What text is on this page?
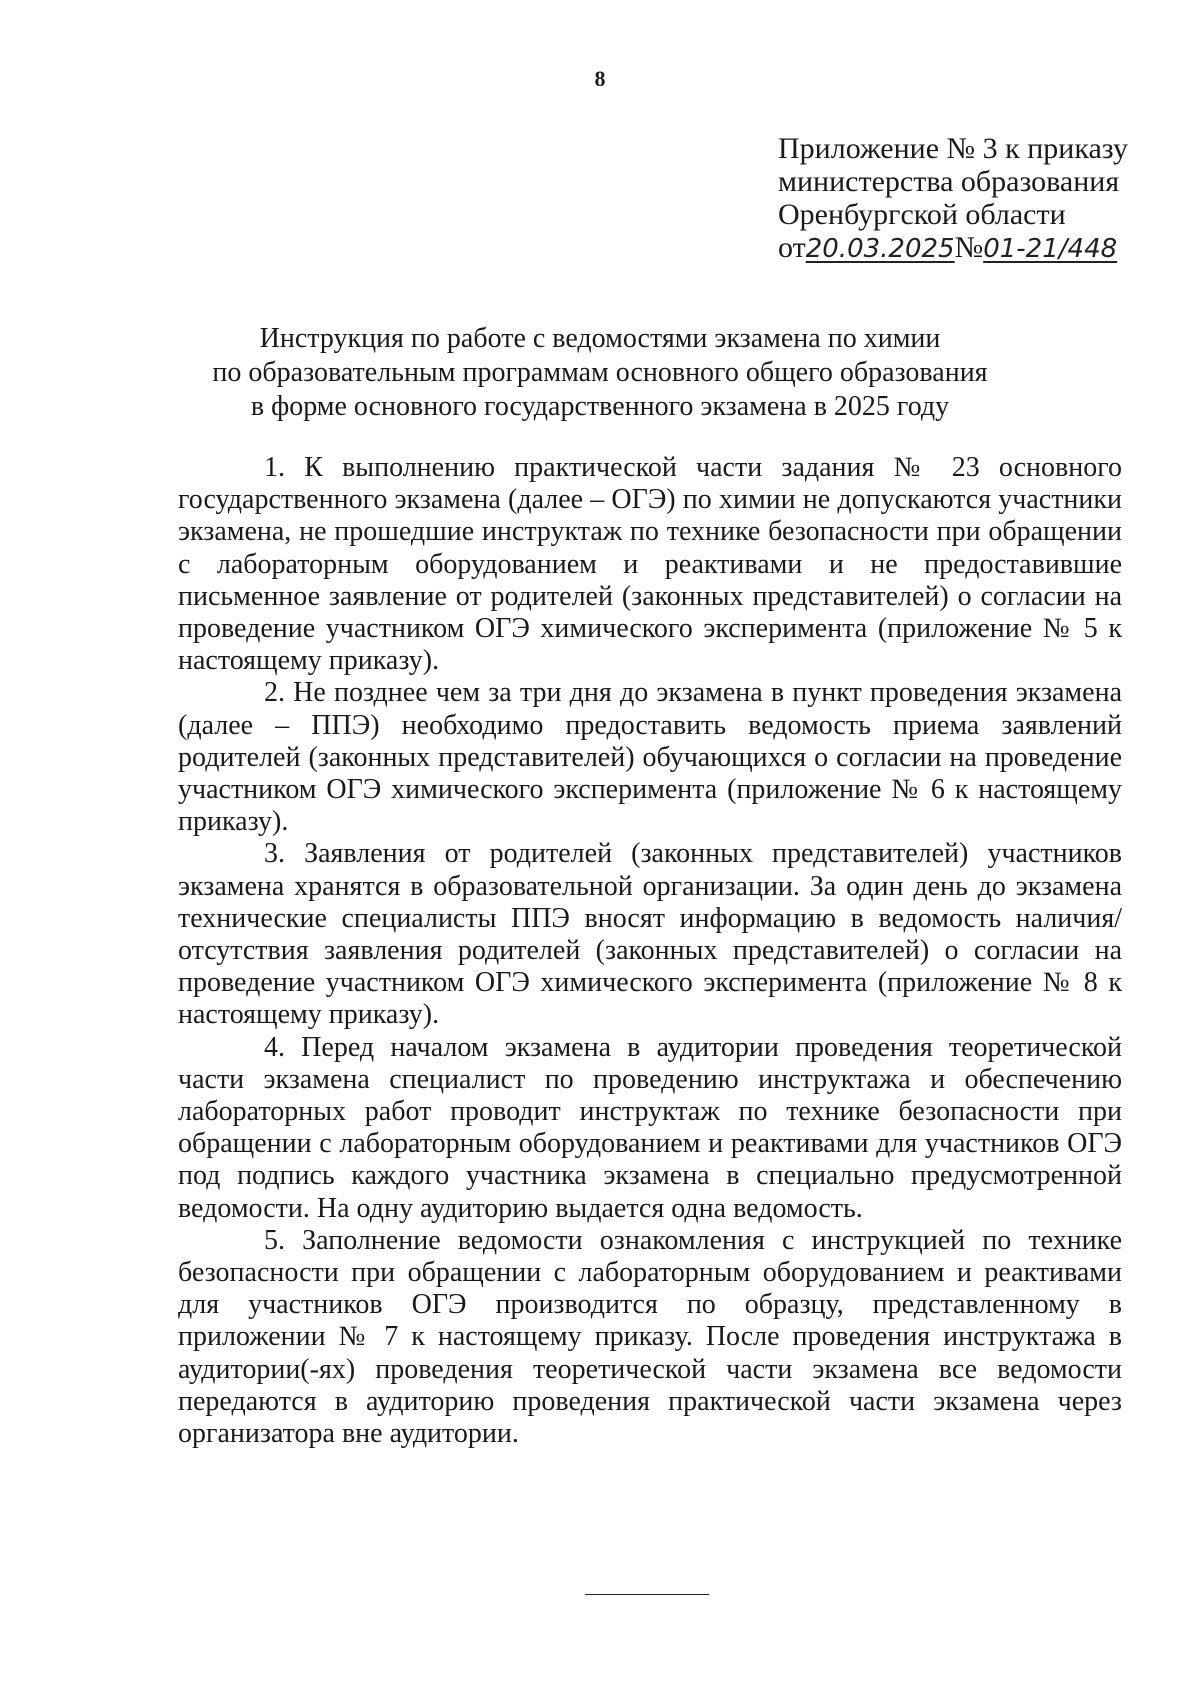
8
Приложение № 3 к приказу
министерства образования
Оренбургской области
от20.03.2025№01-21/448
Инструкция по работе с ведомостями экзамена по химии
по образовательным программам основного общего образования
в форме основного государственного экзамена в 2025 году

1. К выполнению практической части задания № 23 основного государственного экзамена (далее – ОГЭ) по химии не допускаются участники экзамена, не прошедшие инструктаж по технике безопасности при обращении с лабораторным оборудованием и реактивами и не предоставившие письменное заявление от родителей (законных представителей) о согласии на проведение участником ОГЭ химического эксперимента (приложение № 5 к настоящему приказу).

2. Не позднее чем за три дня до экзамена в пункт проведения экзамена (далее – ППЭ) необходимо предоставить ведомость приема заявлений родителей (законных представителей) обучающихся о согласии на проведение участником ОГЭ химического эксперимента (приложение № 6 к настоящему приказу).

3. Заявления от родителей (законных представителей) участников экзамена хранятся в образовательной организации. За один день до экзамена технические специалисты ППЭ вносят информацию в ведомость наличия/отсутствия заявления родителей (законных представителей) о согласии на проведение участником ОГЭ химического эксперимента (приложение № 8 к настоящему приказу).

4. Перед началом экзамена в аудитории проведения теоретической части экзамена специалист по проведению инструктажа и обеспечению лабораторных работ проводит инструктаж по технике безопасности при обращении с лабораторным оборудованием и реактивами для участников ОГЭ под подпись каждого участника экзамена в специально предусмотренной ведомости. На одну аудиторию выдается одна ведомость.

5. Заполнение ведомости ознакомления с инструкцией по технике безопасности при обращении с лабораторным оборудованием и реактивами для участников ОГЭ производится по образцу, представленному в приложении № 7 к настоящему приказу. После проведения инструктажа в аудитории(-ях) проведения теоретической части экзамена все ведомости передаются в аудиторию проведения практической части экзамена через организатора вне аудитории.
